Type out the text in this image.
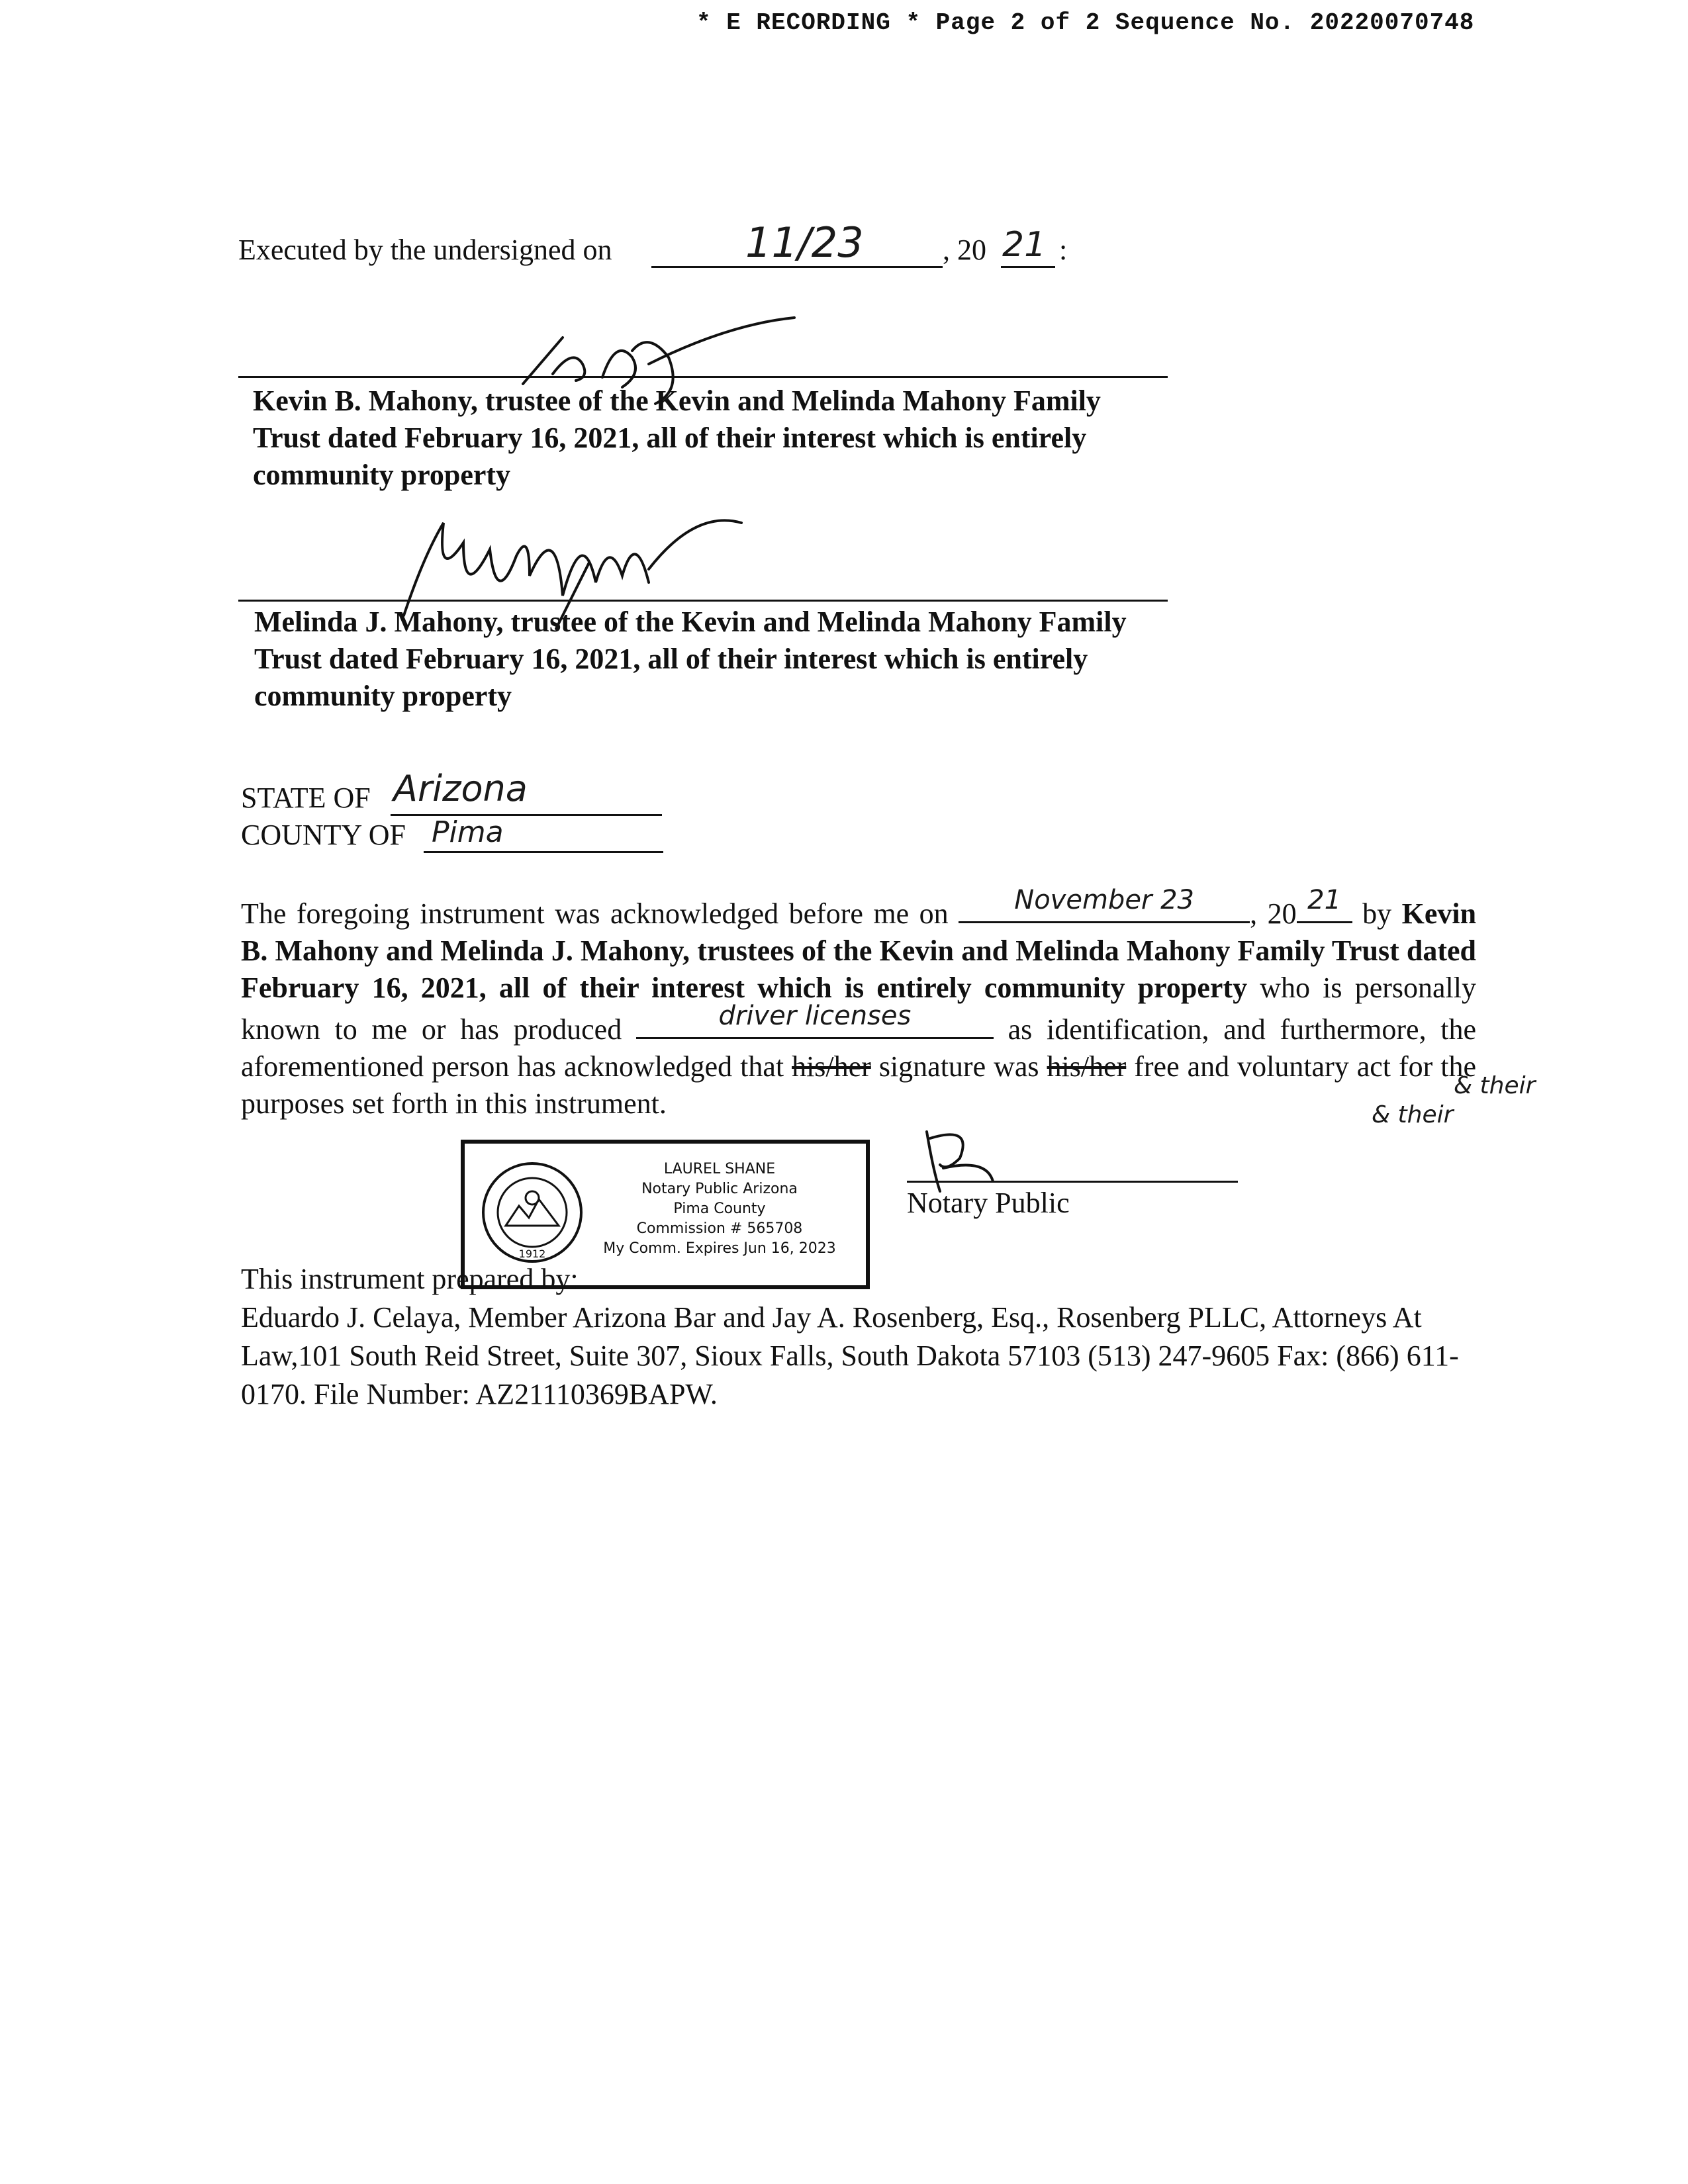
* E RECORDING * Page 2 of 2 Sequence No. 20220070748
Executed by the undersigned on	11/23	, 20 21 :
Kevin B. Mahony, trustee of the Kevin and Melinda Mahony Family Trust dated February 16, 2021, all of their interest which is entirely community property
Melinda J. Mahony, trustee of the Kevin and Melinda Mahony Family Trust dated February 16, 2021, all of their interest which is entirely community property
STATE OF Arizona
COUNTY OF Pima
The foregoing instrument was acknowledged before me on	November 23	, 20 21 by Kevin B. Mahony and Melinda J. Mahony, trustees of the Kevin and Melinda Mahony Family Trust dated February 16, 2021, all of their interest which is entirely community property who is personally known to me or has produced	driver licenses	as identification, and furthermore, the aforementioned person has acknowledged that his/her signature was his/her free and voluntary act for the purposes set forth in this instrument.
& their
& their
1912
LAUREL SHANE
Notary Public Arizona
Pima County
Commission # 565708
My Comm. Expires Jun 16, 2023
Notary Public
This instrument prepared by:
Eduardo J. Celaya, Member Arizona Bar and Jay A. Rosenberg, Esq., Rosenberg PLLC, Attorneys At Law,101 South Reid Street, Suite 307, Sioux Falls, South Dakota 57103 (513) 247-9605 Fax: (866) 611-0170. File Number: AZ21110369BAPW.
